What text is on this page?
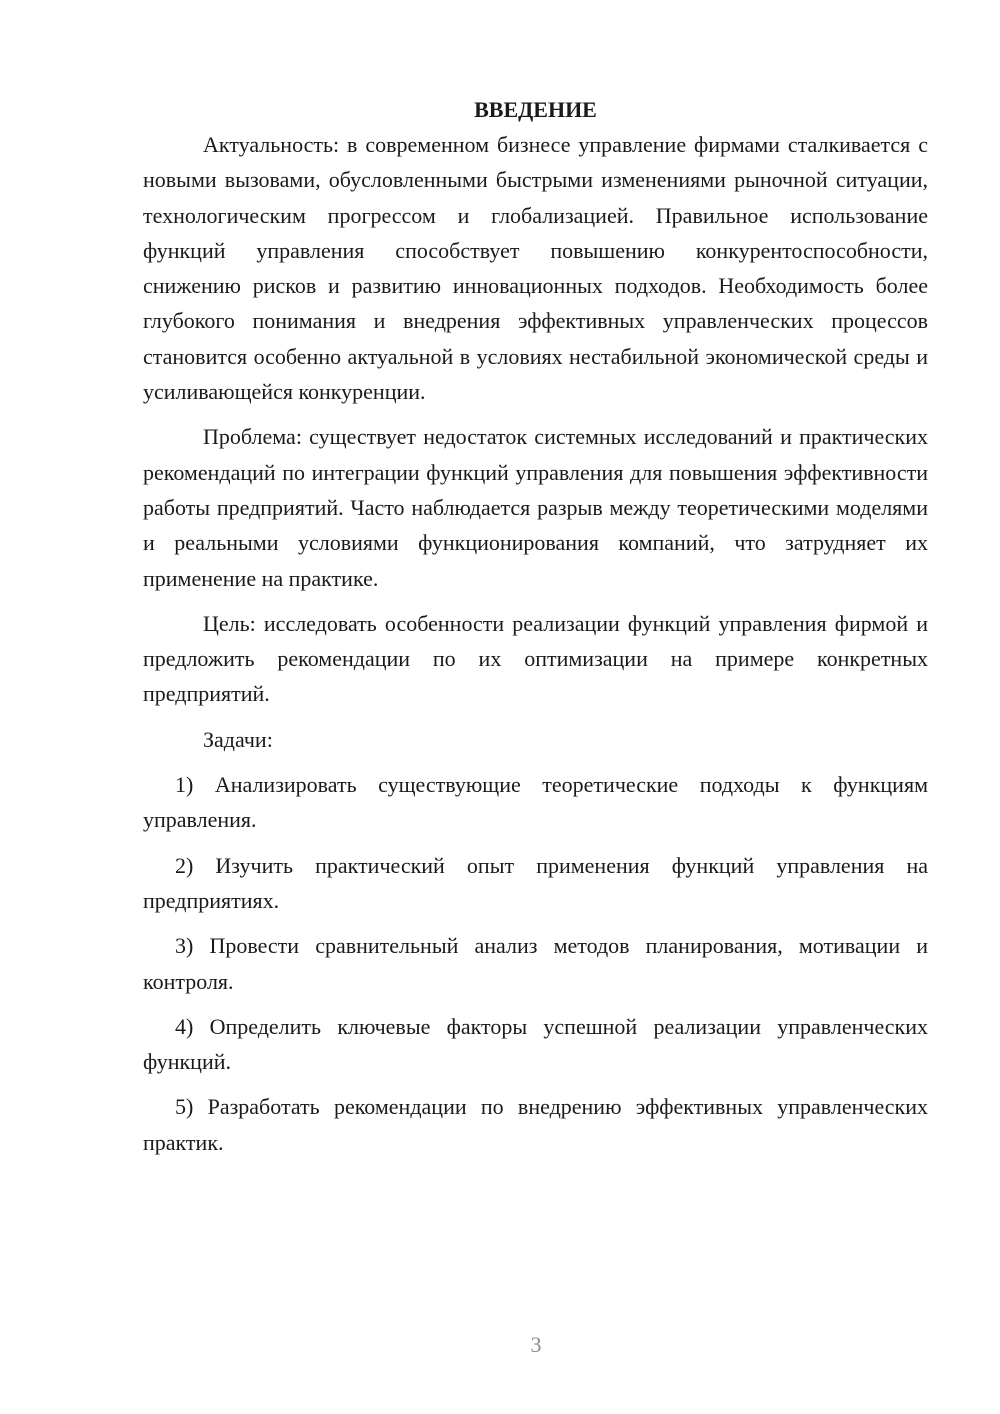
ВВЕДЕНИЕ

Актуальность: в современном бизнесе управление фирмами сталкивается с новыми вызовами, обусловленными быстрыми изменениями рыночной ситуации, технологическим прогрессом и глобализацией. Правильное использование функций управления способствует повышению конкурентоспособности, снижению рисков и развитию инновационных подходов. Необходимость более глубокого понимания и внедрения эффективных управленческих процессов становится особенно актуальной в условиях нестабильной экономической среды и усиливающейся конкуренции.

Проблема: существует недостаток системных исследований и практических рекомендаций по интеграции функций управления для повышения эффективности работы предприятий. Часто наблюдается разрыв между теоретическими моделями и реальными условиями функционирования компаний, что затрудняет их применение на практике.

Цель: исследовать особенности реализации функций управления фирмой и предложить рекомендации по их оптимизации на примере конкретных предприятий.

Задачи:

1) Анализировать существующие теоретические подходы к функциям управления.

2) Изучить практический опыт применения функций управления на предприятиях.

3) Провести сравнительный анализ методов планирования, мотивации и контроля.

4) Определить ключевые факторы успешной реализации управленческих функций.

5) Разработать рекомендации по внедрению эффективных управленческих практик.

3
